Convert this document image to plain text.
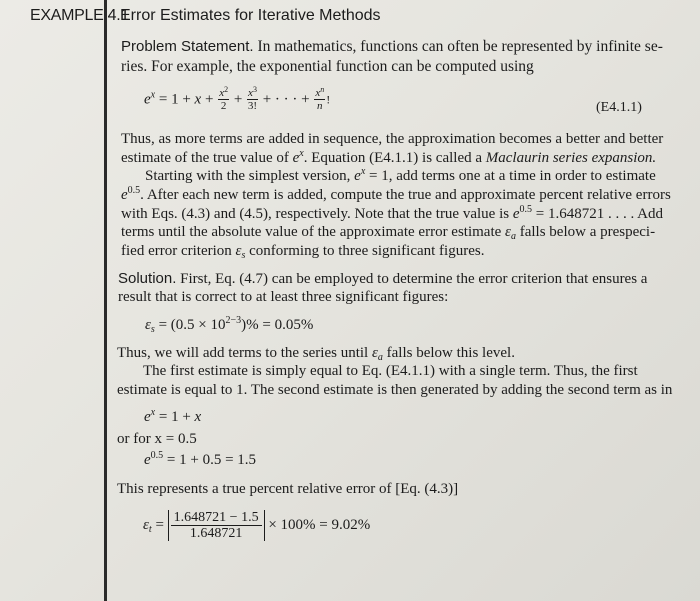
EXAMPLE 4.1
Error Estimates for Iterative Methods
Problem Statement. In mathematics, functions can often be represented by infinite se-
ries. For example, the exponential function can be computed using
$e^x = 1 + x + \frac{x^2}{2} + \frac{x^3}{3!}$ + · · · + $\frac{x^n}{n}$ !
(E4.1.1)
Thus, as more terms are added in sequence, the approximation becomes a better and better
estimate of the true value of $e^x$. Equation (E4.1.1) is called a Maclaurin series expansion.
Starting with the simplest version, $e^x = 1$, add terms one at a time in order to estimate
$e^{0.5}$. After each new term is added, compute the true and approximate percent relative errors
with Eqs. (4.3) and (4.5), respectively. Note that the true value is $e^{0.5} = 1.648721$ . . . . Add
terms until the absolute value of the approximate error estimate $\varepsilon_a$ falls below a prespeci-
fied error criterion $\varepsilon_s$ conforming to three significant figures.
Solution. First, Eq. (4.7) can be employed to determine the error criterion that ensures a
result that is correct to at least three significant figures:
$\varepsilon_s = (0.5 \times 10^{2-3})\% = 0.05\%$
Thus, we will add terms to the series until $\varepsilon_a$ falls below this level.
The first estimate is simply equal to Eq. (E4.1.1) with a single term. Thus, the first
estimate is equal to 1. The second estimate is then generated by adding the second term as in
$e^x = 1 + x$
or for x = 0.5
$e^{0.5} = 1 + 0.5 = 1.5$
This represents a true percent relative error of [Eq. (4.3)]
$\varepsilon_t = \frac{1.648721 - 1.5}{1.648721} \times 100\% = 9.02\%$
